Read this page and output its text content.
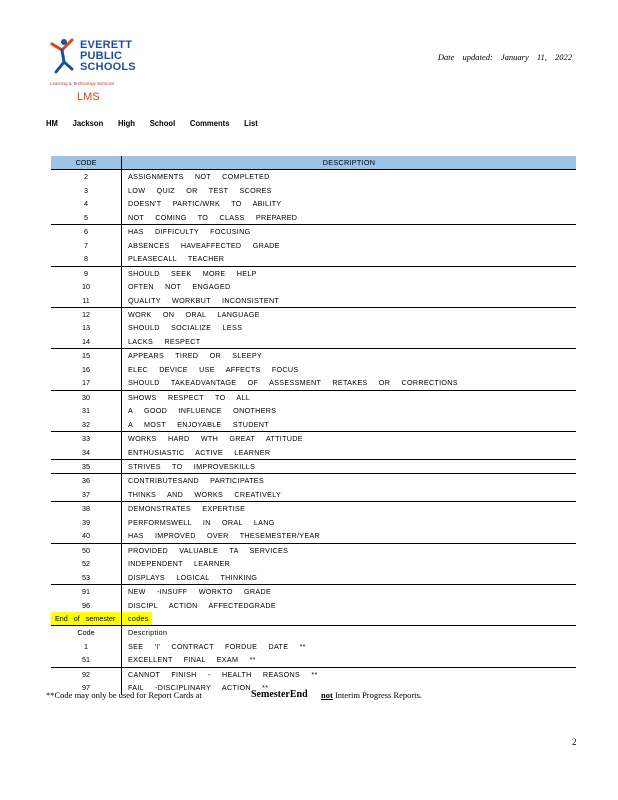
EVERETT
PUBLIC
SCHOOLS
Learning & Technology Services
LMS
Date updated: January 11, 2022
HM Jackson High School Comments List
CODE	DESCRIPTION
2	ASSIGNMENTS NOT COMPLETED
3	LOW QUIZ OR TEST SCORES
4	DOESN'T PARTIC/WRK TO ABILITY
5	NOT COMING TO CLASS PREPARED
6	HAS DIFFICULTY FOCUSING
7	ABSENCES HAVEAFFECTED GRADE
8	PLEASECALL TEACHER
9	SHOULD SEEK MORE HELP
10	OFTEN NOT ENGAGED
11	QUALITY WORKBUT INCONSISTENT
12	WORK ON ORAL LANGUAGE
13	SHOULD SOCIALIZE LESS
14	LACKS RESPECT
15	APPEARS TIRED OR SLEEPY
16	ELEC DEVICE USE AFFECTS FOCUS
17	SHOULD TAKEADVANTAGE OF ASSESSMENT RETAKES OR CORRECTIONS
30	SHOWS RESPECT TO ALL
31	A GOOD INFLUENCE ONOTHERS
32	A MOST ENJOYABLE STUDENT
33	WORKS HARD WTH GREAT ATTITUDE
34	ENTHUSIASTIC ACTIVE LEARNER
35	STRIVES TO IMPROVESKILLS
36	CONTRIBUTESAND PARTICIPATES
37	THINKS AND WORKS CREATIVELY
38	DEMONSTRATES EXPERTISE
39	PERFORMSWELL IN ORAL LANG
40	HAS IMPROVED OVER THESEMESTER/YEAR
50	PROVIDED VALUABLE TA SERVICES
52	INDEPENDENT LEARNER
53	DISPLAYS LOGICAL THINKING
91	NEW -INSUFF WORKTO GRADE
96	DISCIPL ACTION AFFECTEDGRADE
End of semester	codes
Code	Description
1	SEE 'I' CONTRACT FORDUE DATE **
51	EXCELLENT FINAL EXAM **
92	CANNOT FINISH - HEALTH REASONS **
97	FAIL -DISCIPLINARY ACTION **
**Code may only be used for Report Cards at	SemesterEnd not Interim Progress Reports.
2
